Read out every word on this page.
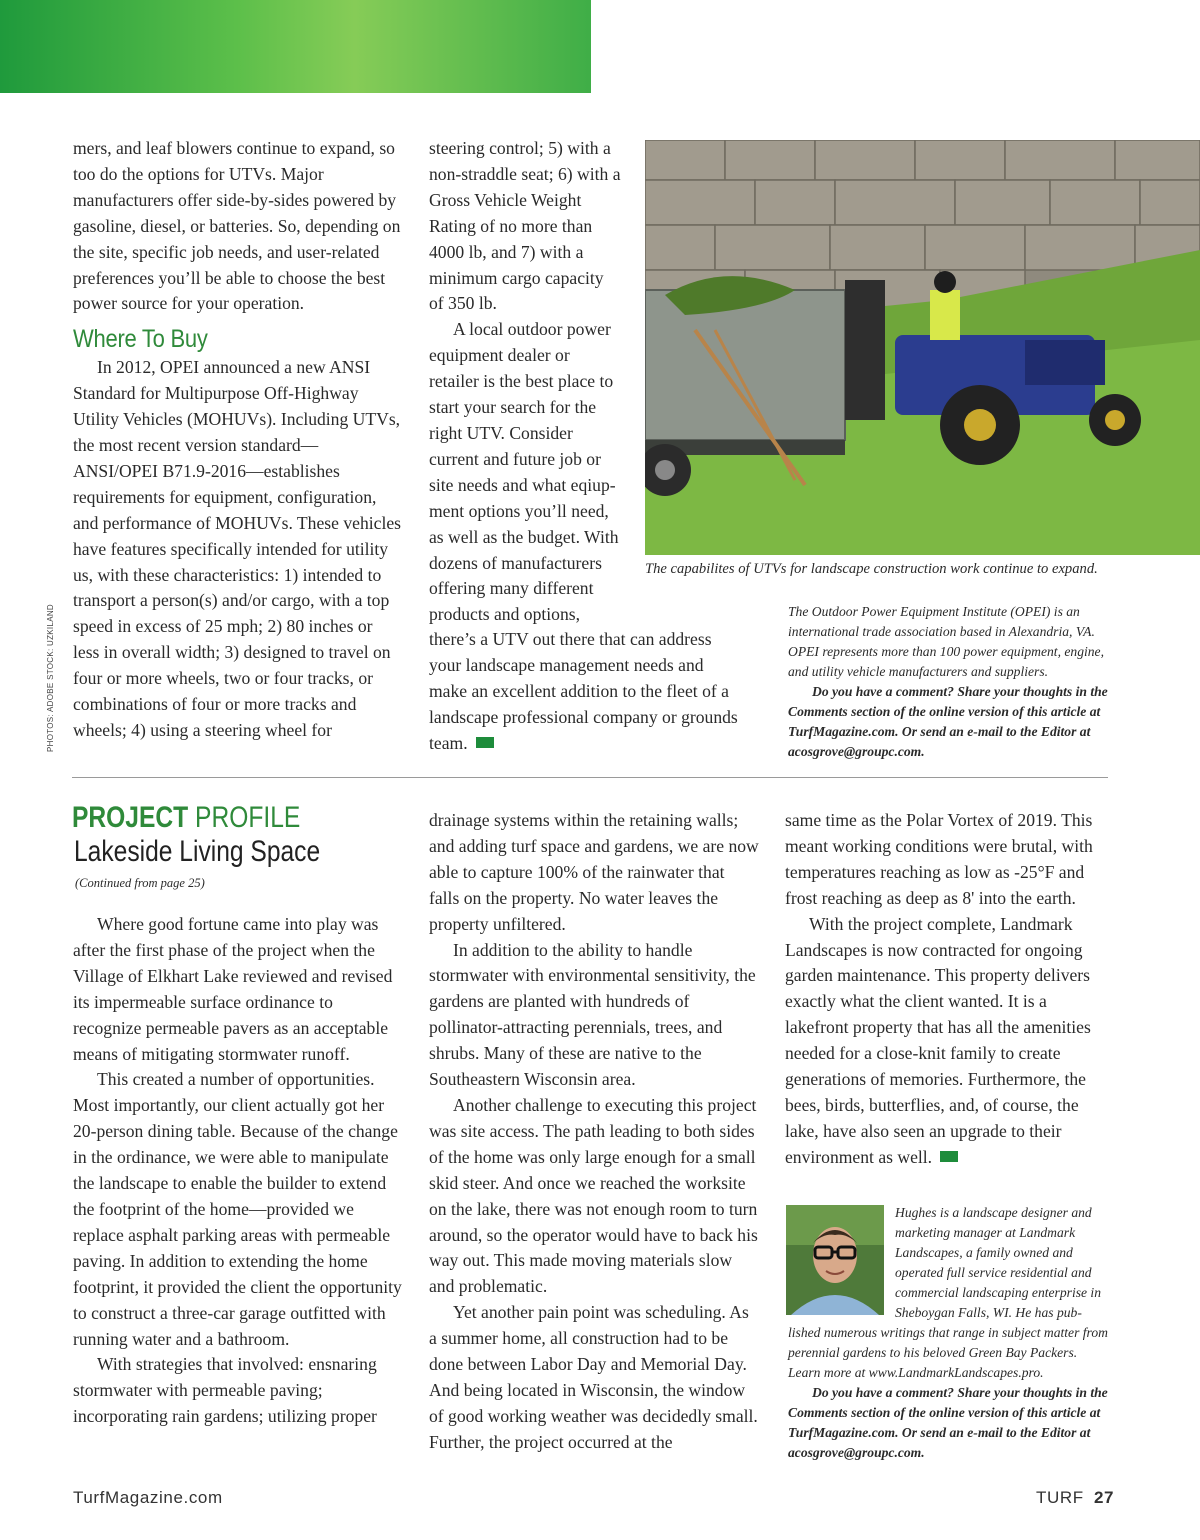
mers, and leaf blowers continue to expand, so too do the options for UTVs. Major manufacturers offer side-by-sides powered by gasoline, diesel, or batteries. So, depending on the site, specific job needs, and user-related preferences you’ll be able to choose the best power source for your operation.

Where To Buy

In 2012, OPEI announced a new ANSI Standard for Multipurpose Off-Highway Utility Vehicles (MOHUVs). Including UTVs, the most recent version standard—ANSI/OPEI B71.9-2016—establishes requirements for equipment, configuration, and performance of MOHUVs. These vehicles have features specifically intended for utility us, with these characteristics: 1) intended to transport a person(s) and/or cargo, with a top speed in excess of 25 mph; 2) 80 inches or less in overall width; 3) designed to travel on four or more wheels, two or four tracks, or combinations of four or more tracks and wheels; 4) using a steering wheel for

steering control; 5) with a non-straddle seat; 6) with a Gross Vehicle Weight Rating of no more than 4000 lb, and 7) with a minimum cargo capacity of 350 lb.

A local outdoor power equipment dealer or retailer is the best place to start your search for the right UTV. Consider current and future job or site needs and what eqiup-ment options you’ll need, as well as the budget. With dozens of manufacturers offering many different products and options,

there’s a UTV out there that can address your landscape management needs and make an excellent addition to the fleet of a landscape professional company or grounds team.

The capabilites of UTVs for landscape construction work continue to expand.

The Outdoor Power Equipment Institute (OPEI) is an international trade association based in Alexandria, VA. OPEI represents more than 100 power equipment, engine, and utility vehicle manufacturers and suppliers.

Do you have a comment? Share your thoughts in the Comments section of the online version of this article at TurfMagazine.com. Or send an e-mail to the Editor at acosgrove@groupc.com.

PHOTOS: ADOBE STOCK: UZKILAND
PROJECT PROFILE
Lakeside Living Space
(Continued from page 25)

Where good fortune came into play was after the first phase of the project when the Village of Elkhart Lake reviewed and revised its impermeable surface ordinance to recognize permeable pavers as an acceptable means of mitigating stormwater runoff.

This created a number of opportunities. Most importantly, our client actually got her 20-person dining table. Because of the change in the ordinance, we were able to manipulate the landscape to enable the builder to extend the footprint of the home—provided we replace asphalt parking areas with permeable paving. In addition to extending the home footprint, it provided the client the opportunity to construct a three-car garage outfitted with running water and a bathroom.

With strategies that involved: ensnaring stormwater with permeable paving; incorporating rain gardens; utilizing proper

drainage systems within the retaining walls; and adding turf space and gardens, we are now able to capture 100% of the rainwater that falls on the property. No water leaves the property unfiltered.

In addition to the ability to handle stormwater with environmental sensitivity, the gardens are planted with hundreds of pollinator-attracting perennials, trees, and shrubs. Many of these are native to the Southeastern Wisconsin area.

Another challenge to executing this project was site access. The path leading to both sides of the home was only large enough for a small skid steer. And once we reached the worksite on the lake, there was not enough room to turn around, so the operator would have to back his way out. This made moving materials slow and problematic.

Yet another pain point was scheduling. As a summer home, all construction had to be done between Labor Day and Memorial Day. And being located in Wisconsin, the window of good working weather was decidedly small. Further, the project occurred at the

same time as the Polar Vortex of 2019. This meant working conditions were brutal, with temperatures reaching as low as -25°F and frost reaching as deep as 8' into the earth.

With the project complete, Landmark Landscapes is now contracted for ongoing garden maintenance. This property delivers exactly what the client wanted. It is a lakefront property that has all the amenities needed for a close-knit family to create generations of memories. Furthermore, the bees, birds, butterflies, and, of course, the lake, have also seen an upgrade to their environment as well.

Hughes is a landscape designer and marketing manager at Landmark Landscapes, a family owned and operated full service residential and commercial landscaping enterprise in Sheboygan Falls, WI. He has pub-

lished numerous writings that range in subject matter from perennial gardens to his beloved Green Bay Packers. Learn more at www.LandmarkLandscapes.pro.

Do you have a comment? Share your thoughts in the Comments section of the online version of this article at TurfMagazine.com. Or send an e-mail to the Editor at acosgrove@groupc.com.

TurfMagazine.com	TURF 27
